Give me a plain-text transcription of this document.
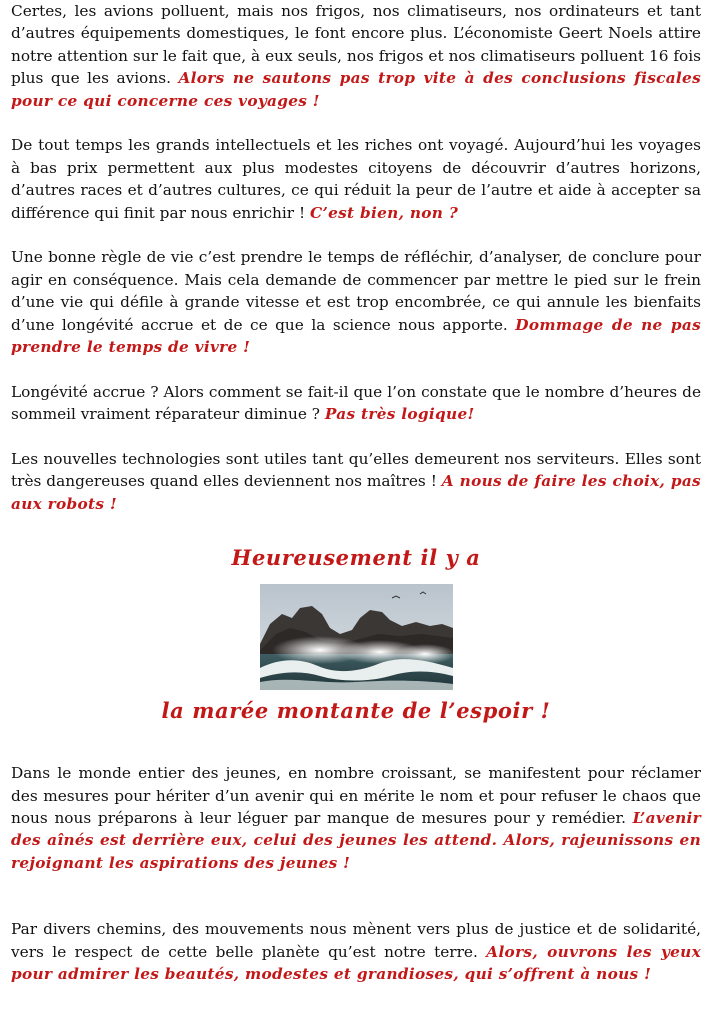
Certes, les avions polluent, mais nos frigos, nos climatiseurs, nos ordinateurs et tant d’autres équipements domestiques, le font encore plus. L’économiste Geert Noels attire notre attention sur le fait que, à eux seuls, nos frigos et nos climatiseurs polluent 16 fois plus que les avions. Alors ne sautons pas trop vite à des conclusions fiscales pour ce qui concerne ces voyages !

De tout temps les grands intellectuels et les riches ont voyagé. Aujourd’hui les voyages à bas prix permettent aux plus modestes citoyens de découvrir d’autres horizons, d’autres races et d’autres cultures, ce qui réduit la peur de l’autre et aide à accepter sa différence qui finit par nous enrichir ! C’est bien, non ?

Une bonne règle de vie c’est prendre le temps de réfléchir, d’analyser, de conclure pour agir en conséquence. Mais cela demande de commencer par mettre le pied sur le frein d’une vie qui défile à grande vitesse et est trop encombrée, ce qui annule les bienfaits d’une longévité accrue et de ce que la science nous apporte. Dommage de ne pas prendre le temps de vivre !

Longévité accrue ? Alors comment se fait-il que l’on constate que le nombre d’heures de sommeil vraiment réparateur diminue ? Pas très logique!

Les nouvelles technologies sont utiles tant qu’elles demeurent nos serviteurs. Elles sont très dangereuses quand elles deviennent nos maîtres ! A nous de faire les choix, pas aux robots !

Heureusement il y a

la marée montante de l’espoir !

Dans le monde entier des jeunes, en nombre croissant, se manifestent pour réclamer des mesures pour hériter d’un avenir qui en mérite le nom et pour refuser le chaos que nous nous préparons à leur léguer par manque de mesures pour y remédier. L’avenir des aînés est derrière eux, celui des jeunes les attend. Alors, rajeunissons en rejoignant les aspirations des jeunes !

Par divers chemins, des mouvements nous mènent vers plus de justice et de solidarité, vers le respect de cette belle planète qu’est notre terre. Alors, ouvrons les yeux pour admirer les beautés, modestes et grandioses, qui s’offrent à nous !
